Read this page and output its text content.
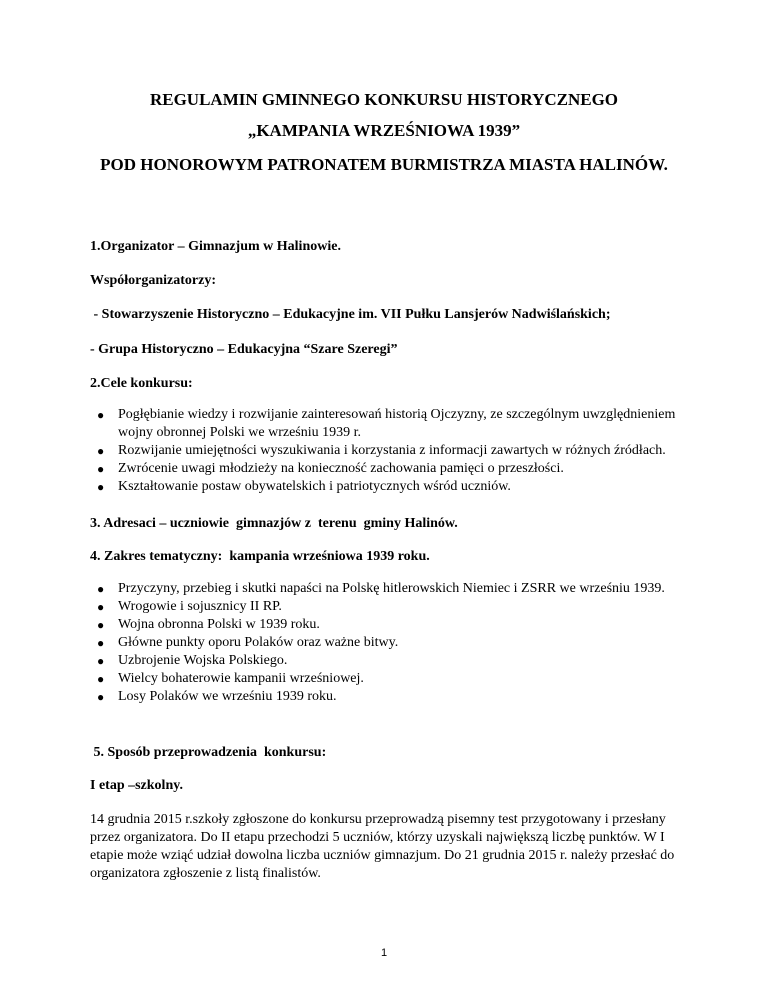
REGULAMIN GMINNEGO KONKURSU HISTORYCZNEGO
„KAMPANIA WRZEŚNIOWA 1939”
POD HONOROWYM PATRONATEM BURMISTRZA MIASTA HALINÓW.

1.Organizator – Gimnazjum w Halinowie.

Współorganizatorzy:

- Stowarzyszenie Historyczno – Edukacyjne im. VII Pułku Lansjerów Nadwiślańskich;

- Grupa Historyczno – Edukacyjna “Szare Szeregi”

2.Cele konkursu:

● Pogłębianie wiedzy i rozwijanie zainteresowań historią Ojczyzny, ze szczególnym uwzględnieniem wojny obronnej Polski we wrześniu 1939 r.
● Rozwijanie umiejętności wyszukiwania i korzystania z informacji zawartych w różnych źródłach.
● Zwrócenie uwagi młodzieży na konieczność zachowania pamięci o przeszłości.
● Kształtowanie postaw obywatelskich i patriotycznych wśród uczniów.

3. Adresaci – uczniowie  gimnazjów z  terenu  gminy Halinów.

4. Zakres tematyczny:  kampania wrześniowa 1939 roku.

● Przyczyny, przebieg i skutki napaści na Polskę hitlerowskich Niemiec i ZSRR we wrześniu 1939.
● Wrogowie i sojusznicy II RP.
● Wojna obronna Polski w 1939 roku.
● Główne punkty oporu Polaków oraz ważne bitwy.
● Uzbrojenie Wojska Polskiego.
● Wielcy bohaterowie kampanii wrześniowej.
● Losy Polaków we wrześniu 1939 roku.

5. Sposób przeprowadzenia  konkursu:

I etap –szkolny.

14 grudnia 2015 r.szkoły zgłoszone do konkursu przeprowadzą pisemny test przygotowany i przesłany przez organizatora. Do II etapu przechodzi 5 uczniów, którzy uzyskali największą liczbę punktów. W I etapie może wziąć udział dowolna liczba uczniów gimnazjum. Do 21 grudnia 2015 r. należy przesłać do organizatora zgłoszenie z listą finalistów.

1
